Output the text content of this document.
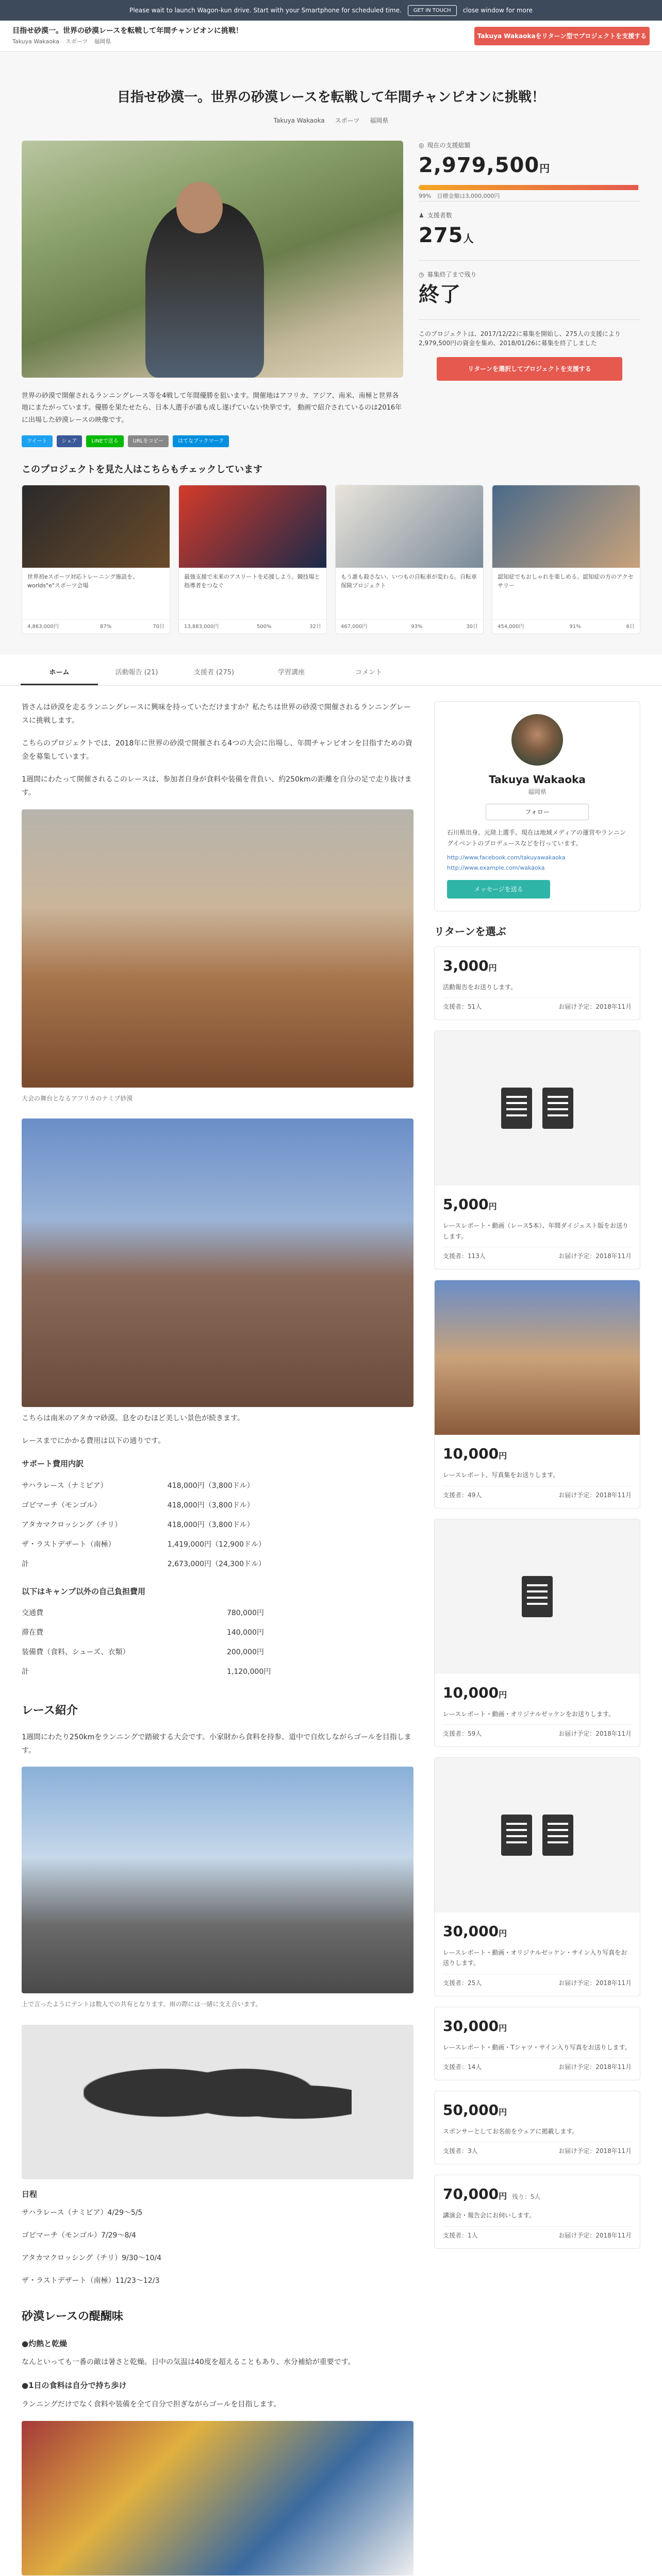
Please wait to launch Wagon-kun drive. Start with your Smartphone for scheduled time.	GET IN TOUCH	close window for more
目指せ砂漠一。世界の砂漠レースを転戦して年間チャンピオンに挑戦！
Takuya Wakaoka スポーツ 福岡県
Takuya Wakaokaをリターン型でプロジェクトを支援する
目指せ砂漠一。世界の砂漠レースを転戦して年間チャンピオンに挑戦！
Takuya Wakaoka スポーツ 福岡県
世界の砂漠で開催されるランニングレース等を4戦して年間優勝を狙います。開催地はアフリカ、アジア、南米、南極と世界各地にまたがっています。優勝を果たせたら、日本人選手が誰も成し遂げていない快挙です。 動画で紹介されているのは2016年に出場した砂漠レースの映像です。
ツイート	シェア	LINEで送る	URLをコピー	はてなブックマーク
◎ 現在の支援総額
2,979,500円
99%　 目標金額は3,000,000円
♟ 支援者数
275人
◷ 募集終了まで残り
終了
このプロジェクトは、2017/12/22に募集を開始し、275人の支援により2,979,500円の資金を集め、2018/01/26に募集を終了しました
リターンを選択してプロジェクトを支援する
このプロジェクトを見た人はこちらもチェックしています
世界初eスポーツ対応トレーニング施設を。worlds"e"スポーツ会場
4,863,000円	87%	70日
最強支援で未来のアスリートを応援しよう。競技場と指導者をつなぐ
13,883,000円	500%	32日
もう誰も殺さない。いつもの自転車が変わる。自転車保険プロジェクト
467,000円	93%	30日
認知症でもおしゃれを楽しめる。認知症の方のアクセサリー
454,000円	91%	6日
ホーム	活動報告 (21)	支援者 (275)	学習講座	コメント

皆さんは砂漠を走るランニングレースに興味を持っていただけますか？私たちは世界の砂漠で開催されるランニングレースに挑戦します。

こちらのプロジェクトでは、2018年に世界の砂漠で開催される4つの大会に出場し、年間チャンピオンを目指すための資金を募集しています。

1週間にわたって開催されるこのレースは、参加者自身が食料や装備を背負い、約250kmの距離を自分の足で走り抜けます。

大会の舞台となるアフリカのナミブ砂漠

こちらは南米のアタカマ砂漠。息をのむほど美しい景色が続きます。

レースまでにかかる費用は以下の通りです。

サポート費用内訳
サハラレース（ナミビア）	418,000円（3,800ドル）
ゴビマーチ（モンゴル）	418,000円（3,800ドル）
アタカマクロッシング（チリ）	418,000円（3,800ドル）
ザ・ラストデザート（南極）	1,419,000円（12,900ドル）
計	2,673,000円（24,300ドル）
以下はキャンプ以外の自己負担費用
交通費	780,000円
滞在費	140,000円
装備費（食料、シューズ、衣類）	200,000円
計	1,120,000円
レース紹介

1週間にわたり250kmをランニングで踏破する大会です。小家財から食料を持参、道中で自炊しながらゴールを目指します。

上で言ったようにテントは数人での共有となります。雨の際には一緒に支え合います。
日程

サハラレース（ナミビア）4/29～5/5

ゴビマーチ（モンゴル）7/29～8/4

アタカマクロッシング（チリ）9/30～10/4

ザ・ラストデザート（南極）11/23～12/3

砂漠レースの醍醐味
●灼熱と乾燥

なんといっても一番の敵は暑さと乾燥。日中の気温は40度を超えることもあり、水分補給が重要です。

●1日の食料は自分で持ち歩け

ランニングだけでなく食料や装備を全て自分で担ぎながらゴールを目指します。

Takuya Wakaoka
福岡県
フォロー
石川県出身。元陸上選手。現在は地域メディアの運営やランニングイベントのプロデュースなどを行っています。
http://www.facebook.com/takuyawakaoka
http://www.example.com/wakaoka
メッセージを送る
リターンを選ぶ
3,000円
活動報告をお送りします。
支援者：51人	お届け予定：2018年11月
5,000円
レースレポート・動画（レース5本）、年間ダイジェスト版をお送りします。
支援者：113人	お届け予定：2018年11月
10,000円
レースレポート、写真集をお送りします。
支援者：49人	お届け予定：2018年11月
10,000円
レースレポート・動画・オリジナルゼッケンをお送りします。
支援者：59人	お届け予定：2018年11月
30,000円
レースレポート・動画・オリジナルゼッケン・サイン入り写真をお送りします。
支援者：25人	お届け予定：2018年11月
30,000円
レースレポート・動画・Tシャツ・サイン入り写真をお送りします。
支援者：14人	お届け予定：2018年11月
50,000円
スポンサーとしてお名前をウェアに掲載します。
支援者：3人	お届け予定：2018年11月
70,000円 残り：5人
講演会・報告会にお伺いします。
支援者：1人	お届け予定：2018年11月
